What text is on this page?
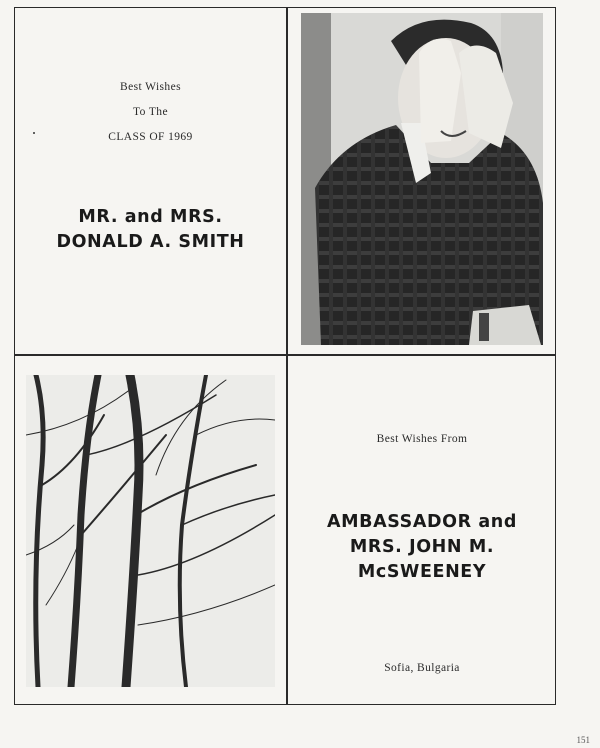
Best Wishes
To The
CLASS OF 1969
MR. and MRS.
DONALD A. SMITH
Best Wishes From
AMBASSADOR and
MRS. JOHN M.
McSWEENEY
Sofia, Bulgaria
151
